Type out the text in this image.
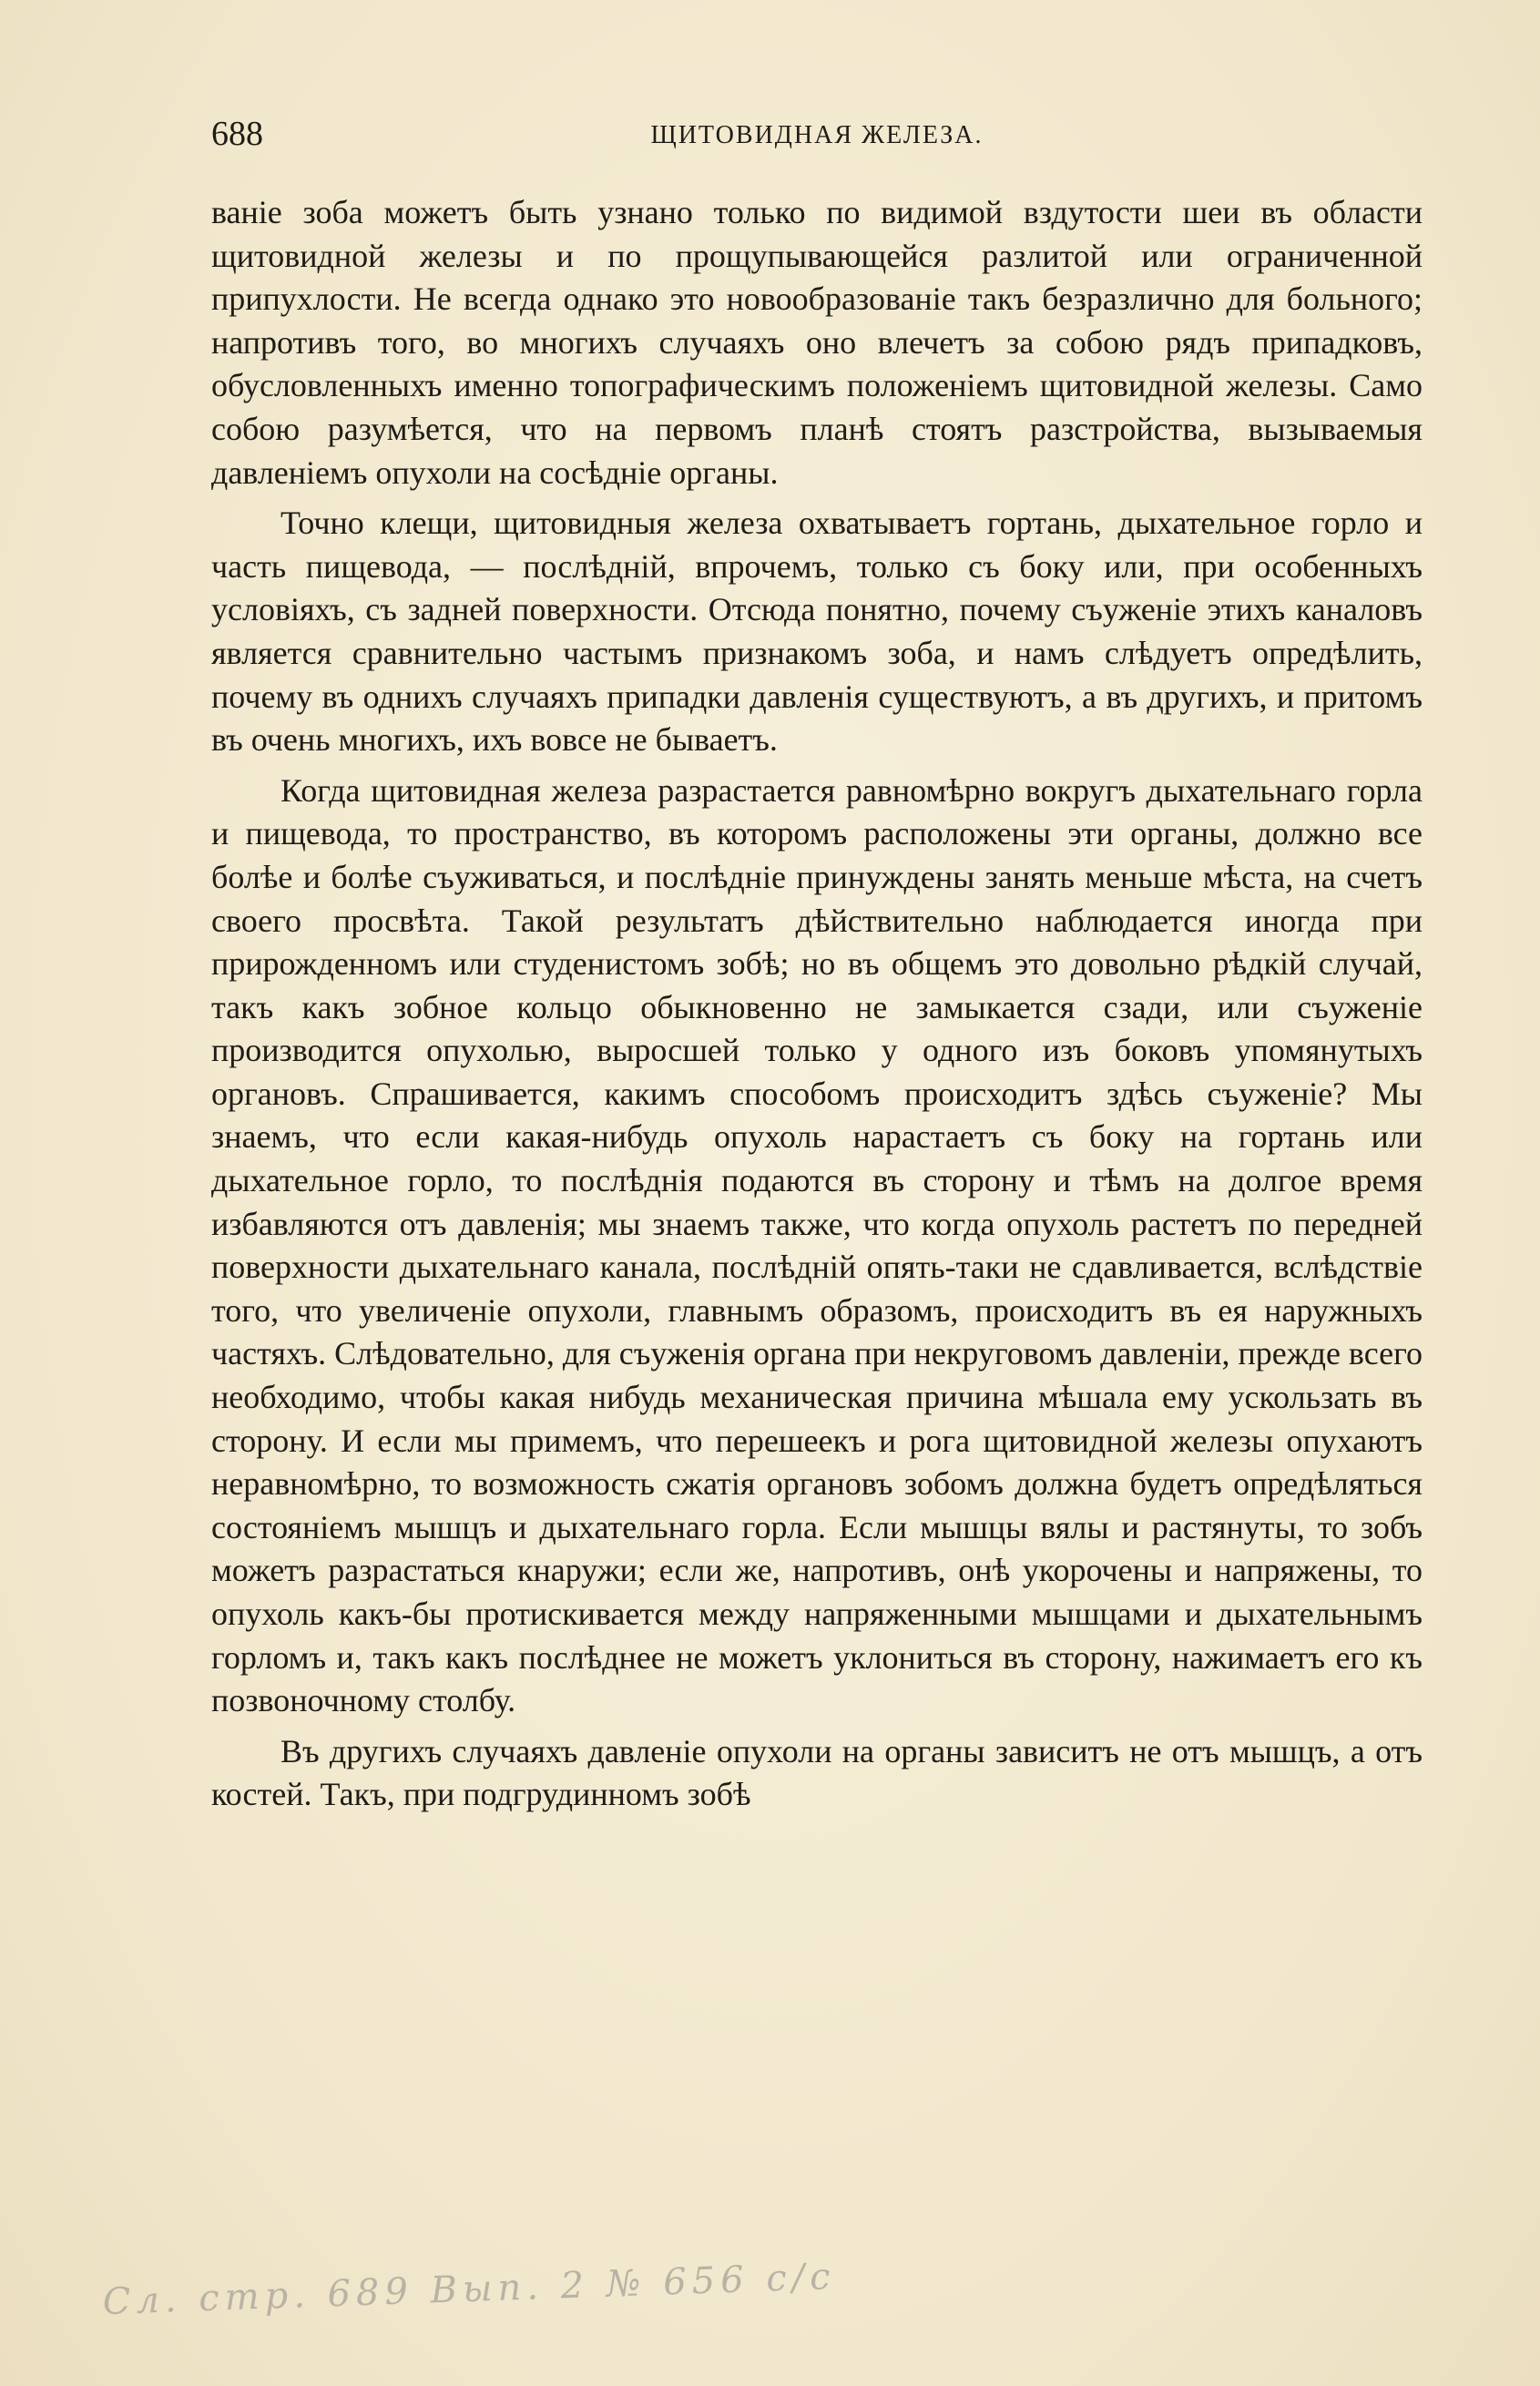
688	ЩИТОВИДНАЯ ЖЕЛЕЗА.

ваніе зоба можетъ быть узнано только по видимой вздутости шеи въ области щитовидной железы и по прощупывающейся разлитой или ограниченной припухлости. Не всегда однако это новообразованіе такъ безразлично для больного; напротивъ того, во многихъ случаяхъ оно влечетъ за собою рядъ припадковъ, обусловленныхъ именно топографическимъ положеніемъ щитовидной железы. Само собою разумѣется, что на первомъ планѣ стоятъ разстройства, вызываемыя давленіемъ опухоли на сосѣдніе органы.

Точно клещи, щитовидныя железа охватываетъ гортань, дыхательное горло и часть пищевода, — послѣдній, впрочемъ, только съ боку или, при особенныхъ условіяхъ, съ задней поверхности. Отсюда понятно, почему съуженіе этихъ каналовъ является сравнительно частымъ признакомъ зоба, и намъ слѣдуетъ опредѣлить, почему въ однихъ случаяхъ припадки давленія существуютъ, а въ другихъ, и притомъ въ очень многихъ, ихъ вовсе не бываетъ.

Когда щитовидная железа разрастается равномѣрно вокругъ дыхательнаго горла и пищевода, то пространство, въ которомъ расположены эти органы, должно все болѣе и болѣе съуживаться, и послѣдніе принуждены занять меньше мѣста, на счетъ своего просвѣта. Такой результатъ дѣйствительно наблюдается иногда при прирожденномъ или студенистомъ зобѣ; но въ общемъ это довольно рѣдкій случай, такъ какъ зобное кольцо обыкновенно не замыкается сзади, или съуженіе производится опухолью, выросшей только у одного изъ боковъ упомянутыхъ органовъ. Спрашивается, какимъ способомъ происходитъ здѣсь съуженіе? Мы знаемъ, что если какая-нибудь опухоль нарастаетъ съ боку на гортань или дыхательное горло, то послѣднія подаются въ сторону и тѣмъ на долгое время избавляются отъ давленія; мы знаемъ также, что когда опухоль растетъ по передней поверхности дыхательнаго канала, послѣдній опять-таки не сдавливается, вслѣдствіе того, что увеличеніе опухоли, главнымъ образомъ, происходитъ въ ея наружныхъ частяхъ. Слѣдовательно, для съуженія органа при некруговомъ давленіи, прежде всего необходимо, чтобы какая нибудь механическая причина мѣшала ему ускользать въ сторону. И если мы примемъ, что перешеекъ и рога щитовидной железы опухаютъ неравномѣрно, то возможность сжатія органовъ зобомъ должна будетъ опредѣляться состояніемъ мышцъ и дыхательнаго горла. Если мышцы вялы и растянуты, то зобъ можетъ разрастаться кнаружи; если же, напротивъ, онѣ укорочены и напряжены, то опухоль какъ-бы протискивается между напряженными мышцами и дыхательнымъ горломъ и, такъ какъ послѣднее не можетъ уклониться въ сторону, нажимаетъ его къ позвоночному столбу.

Въ другихъ случаяхъ давленіе опухоли на органы зависитъ не отъ мышцъ, а отъ костей. Такъ, при подгрудинномъ зобѣ

Сл. стр. 689 Вып. 2 № 656 с/с
